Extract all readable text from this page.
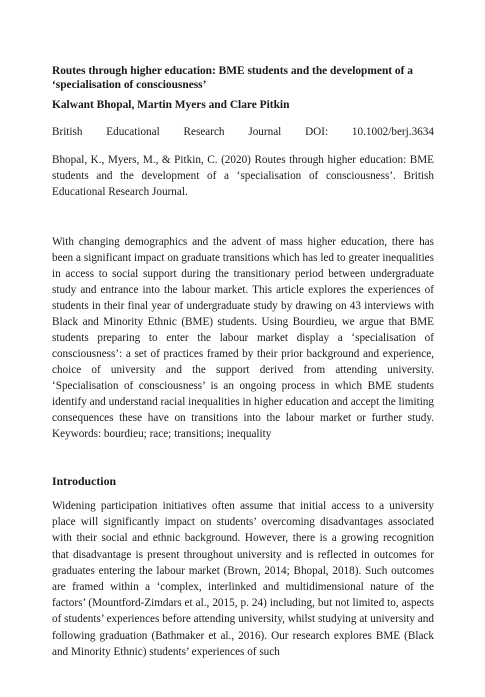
Routes through higher education: BME students and the development of a ‘specialisation of consciousness’

Kalwant Bhopal, Martin Myers and Clare Pitkin

British Educational Research Journal DOI: 10.1002/berj.3634

Bhopal, K., Myers, M., & Pitkin, C. (2020) Routes through higher education: BME students and the development of a ‘specialisation of consciousness’. British Educational Research Journal.

With changing demographics and the advent of mass higher education, there has been a significant impact on graduate transitions which has led to greater inequalities in access to social support during the transitionary period between undergraduate study and entrance into the labour market. This article explores the experiences of students in their final year of undergraduate study by drawing on 43 interviews with Black and Minority Ethnic (BME) students. Using Bourdieu, we argue that BME students preparing to enter the labour market display a ‘specialisation of consciousness’: a set of practices framed by their prior background and experience, choice of university and the support derived from attending university. ‘Specialisation of consciousness’ is an ongoing process in which BME students identify and understand racial inequalities in higher education and accept the limiting consequences these have on transitions into the labour market or further study. Keywords: bourdieu; race; transitions; inequality

Introduction

Widening participation initiatives often assume that initial access to a university place will significantly impact on students’ overcoming disadvantages associated with their social and ethnic background. However, there is a growing recognition that disadvantage is present throughout university and is reflected in outcomes for graduates entering the labour market (Brown, 2014; Bhopal, 2018). Such outcomes are framed within a ‘complex, interlinked and multidimensional nature of the factors’ (Mountford-Zimdars et al., 2015, p. 24) including, but not limited to, aspects of students’ experiences before attending university, whilst studying at university and following graduation (Bathmaker et al., 2016). Our research explores BME (Black and Minority Ethnic) students’ experiences of such
